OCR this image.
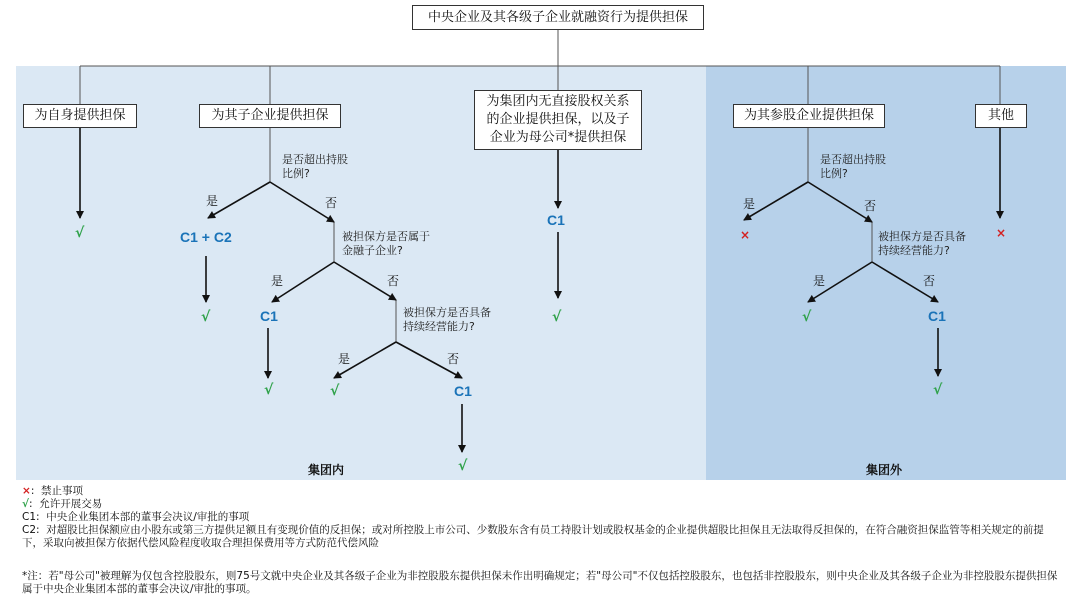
中央企业及其各级子企业就融资行为提供担保
为自身提供担保	为其子企业提供担保
为集团内无直接股权关系
的企业提供担保，以及子
企业为母公司*提供担保
为其参股企业提供担保	其他
是否超出持股
比例?
被担保方是否属于
金融子企业?
被担保方是否具备
持续经营能力?
是否超出持股
比例?
被担保方是否具备
持续经营能力?
是	否
是	否
是	否
是	否
是	否
C1 + C2
C1
C1
C1
C1
√
√	√
√	√
√
√
√
×	×
集团内	集团外
×: 禁止事项
√: 允许开展交易
C1: 中央企业集团本部的董事会决议/审批的事项
C2: 对超股比担保额应由小股东或第三方提供足额且有变现价值的反担保；或对所控股上市公司、少数股东含有员工持股计划或股权基金的企业提供超股比担保且无法取得反担保的，在符合融资担保监管等相关规定的前提下，采取向被担保方依据代偿风险程度收取合理担保费用等方式防范代偿风险
*注：若"母公司"被理解为仅包含控股股东，则75号文就中央企业及其各级子企业为非控股股东提供担保未作出明确规定；若"母公司"不仅包括控股股东，也包括非控股股东，则中央企业及其各级子企业为非控股股东提供担保属于中央企业集团本部的董事会决议/审批的事项。
